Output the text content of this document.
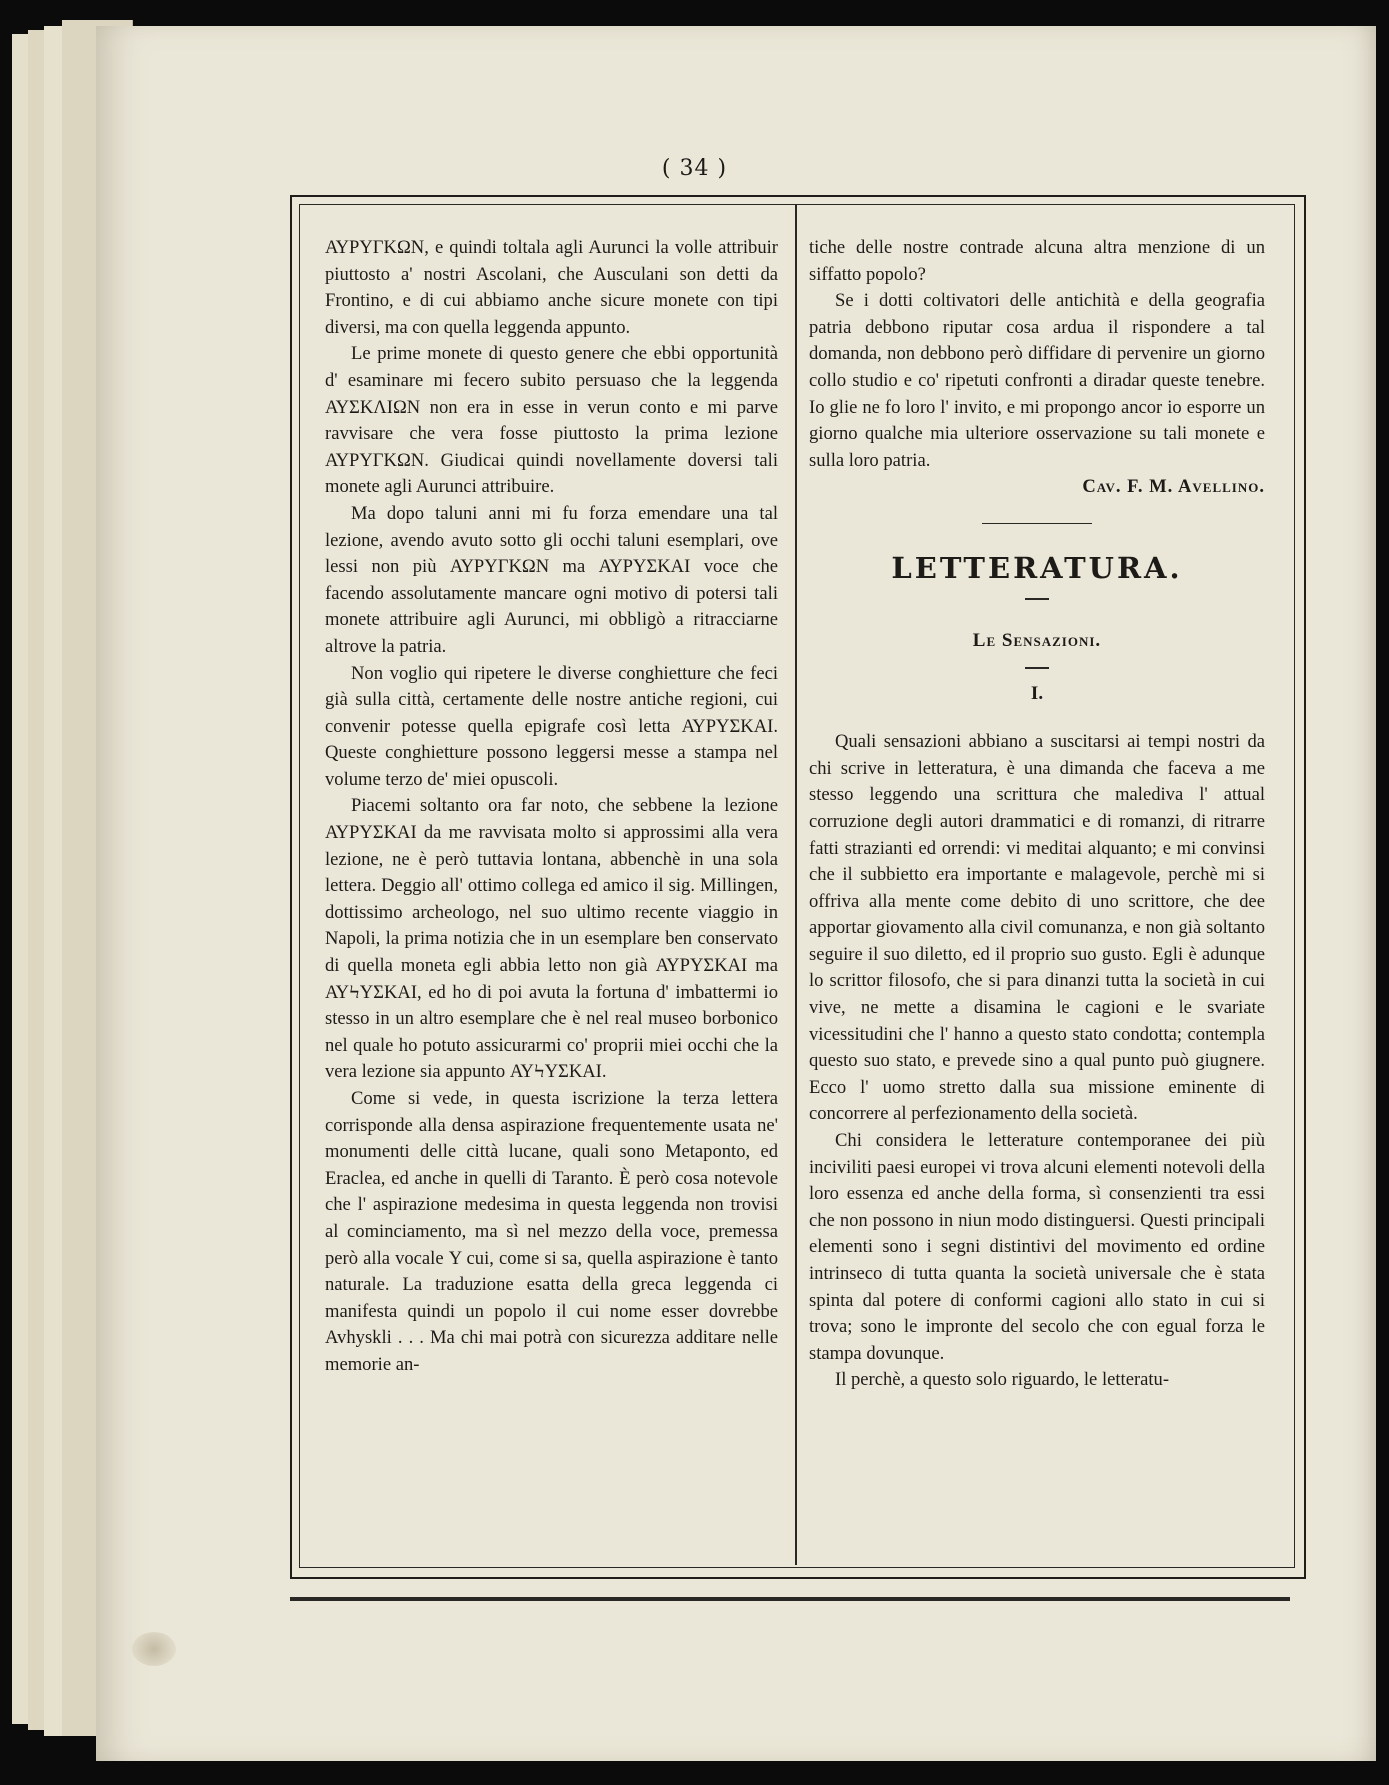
( 34 )

ΑΥΡΥΓΚΩΝ, e quindi toltala agli Aurunci la volle attribuir piuttosto a' nostri Ascolani, che Ausculani son detti da Frontino, e di cui abbiamo anche sicure monete con tipi diversi, ma con quella leggenda appunto.

Le prime monete di questo genere che ebbi opportunità d' esaminare mi fecero subito persuaso che la leggenda ΑΥΣΚΛΙΩΝ non era in esse in verun conto e mi parve ravvisare che vera fosse piuttosto la prima lezione ΑΥΡΥΓΚΩΝ. Giudicai quindi novellamente doversi tali monete agli Aurunci attribuire.

Ma dopo taluni anni mi fu forza emendare una tal lezione, avendo avuto sotto gli occhi taluni esemplari, ove lessi non più ΑΥΡΥΓΚΩΝ ma ΑΥΡΥΣΚΑΙ voce che facendo assolutamente mancare ogni motivo di potersi tali monete attribuire agli Aurunci, mi obbligò a ritracciarne altrove la patria.

Non voglio qui ripetere le diverse conghietture che feci già sulla città, certamente delle nostre antiche regioni, cui convenir potesse quella epigrafe così letta ΑΥΡΥΣΚΑΙ. Queste conghietture possono leggersi messe a stampa nel volume terzo de' miei opuscoli.

Piacemi soltanto ora far noto, che sebbene la lezione ΑΥΡΥΣΚΑΙ da me ravvisata molto si approssimi alla vera lezione, ne è però tuttavia lontana, abbenchè in una sola lettera. Deggio all' ottimo collega ed amico il sig. Millingen, dottissimo archeologo, nel suo ultimo recente viaggio in Napoli, la prima notizia che in un esemplare ben conservato di quella moneta egli abbia letto non già ΑΥΡΥΣΚΑΙ ma ΑΥϞΥΣΚΑΙ, ed ho di poi avuta la fortuna d' imbattermi io stesso in un altro esemplare che è nel real museo borbonico nel quale ho potuto assicurarmi co' proprii miei occhi che la vera lezione sia appunto ΑΥϞΥΣΚΑΙ.

Come si vede, in questa iscrizione la terza lettera corrisponde alla densa aspirazione frequentemente usata ne' monumenti delle città lucane, quali sono Metaponto, ed Eraclea, ed anche in quelli di Taranto. È però cosa notevole che l' aspirazione medesima in questa leggenda non trovisi al cominciamento, ma sì nel mezzo della voce, premessa però alla vocale Υ cui, come si sa, quella aspirazione è tanto naturale. La traduzione esatta della greca leggenda ci manifesta quindi un popolo il cui nome esser dovrebbe Avhyskli . . . Ma chi mai potrà con sicurezza additare nelle memorie an-

tiche delle nostre contrade alcuna altra menzione di un siffatto popolo?

Se i dotti coltivatori delle antichità e della geografia patria debbono riputar cosa ardua il rispondere a tal domanda, non debbono però diffidare di pervenire un giorno collo studio e co' ripetuti confronti a diradar queste tenebre. Io glie ne fo loro l' invito, e mi propongo ancor io esporre un giorno qualche mia ulteriore osservazione su tali monete e sulla loro patria.

Cav. F. M. Avellino.

LETTERATURA.
Le Sensazioni.
I.

Quali sensazioni abbiano a suscitarsi ai tempi nostri da chi scrive in letteratura, è una dimanda che faceva a me stesso leggendo una scrittura che malediva l' attual corruzione degli autori drammatici e di romanzi, di ritrarre fatti strazianti ed orrendi: vi meditai alquanto; e mi convinsi che il subbietto era importante e malagevole, perchè mi si offriva alla mente come debito di uno scrittore, che dee apportar giovamento alla civil comunanza, e non già soltanto seguire il suo diletto, ed il proprio suo gusto. Egli è adunque lo scrittor filosofo, che si para dinanzi tutta la società in cui vive, ne mette a disamina le cagioni e le svariate vicessitudini che l' hanno a questo stato condotta; contempla questo suo stato, e prevede sino a qual punto può giugnere. Ecco l' uomo stretto dalla sua missione eminente di concorrere al perfezionamento della società.

Chi considera le letterature contemporanee dei più inciviliti paesi europei vi trova alcuni elementi notevoli della loro essenza ed anche della forma, sì consenzienti tra essi che non possono in niun modo distinguersi. Questi principali elementi sono i segni distintivi del movimento ed ordine intrinseco di tutta quanta la società universale che è stata spinta dal potere di conformi cagioni allo stato in cui si trova; sono le impronte del secolo che con egual forza le stampa dovunque.

Il perchè, a questo solo riguardo, le letteratu-
